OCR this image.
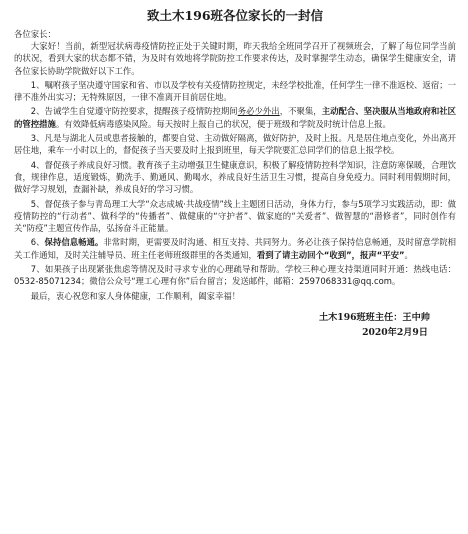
致土木196班各位家长的一封信
各位家长：

大家好！当前，新型冠状病毒疫情防控正处于关键时期，昨天我给全班同学召开了视频班会，了解了每位同学当前的状况，看到大家的状态都不错，为及时有效地将学院防控工作要求传达，及时掌握学生动态，确保学生健康安全，请各位家长协助学院做好以下工作。

1、嘱咐孩子坚决遵守国家和省、市以及学校有关疫情防控规定，未经学校批准，任何学生一律不准返校、返宿；一律不准外出实习；无特殊原因，一律不准离开目前居住地。

2、告诫学生自觉遵守防控要求，提醒孩子疫情防控期间务必少外出，不聚集，主动配合、坚决服从当地政府和社区的管控措施。有效降低病毒感染风险。每天按时上报自己的状况，便于班级和学院及时统计信息上报。

3、凡是与湖北人员或患者接触的，都要自觉、主动做好隔离，做好防护，及时上报。凡是居住地点变化，外出离开居住地，乘车一小时以上的，督促孩子当天要及时上报到班里，每天学院要汇总同学们的信息上报学校。

4、督促孩子养成良好习惯。教育孩子主动增强卫生健康意识，积极了解疫情防控科学知识，注意防寒保暖，合理饮食，规律作息，适度锻炼，勤洗手、勤通风、勤喝水，养成良好生活卫生习惯，提高自身免疫力。同时利用假期时间，做好学习规划，查漏补缺，养成良好的学习习惯。

5、督促孩子参与青岛理工大学“众志成城·共战疫情”线上主题团日活动，身体力行，参与5项学习实践活动，即：做疫情防控的“行动者”、做科学的“传播者”、做健康的“守护者”、做家庭的“关爱者”、做智慧的“潜修者”，同时创作有关“防疫”主题宣传作品，弘扬奋斗正能量。

6、保持信息畅通。非常时期，更需要及时沟通、相互支持、共同努力。务必让孩子保持信息畅通，及时留意学院相关工作通知，及时关注辅导员、班主任老师班级群里的各类通知，看到了请主动回个“收到”，报声“平安”。

7、如果孩子出现紧张焦虑等情况及时寻求专业的心理疏导和帮助。学校三种心理支持渠道同时开通：热线电话：0532-85071234；微信公众号“理工心理有你”后台留言；发送邮件，邮箱：2597068331@qq.com。

最后，衷心祝您和家人身体健康，工作顺利，阖家幸福！

土木196班班主任：王中帅
2020年2月9日
